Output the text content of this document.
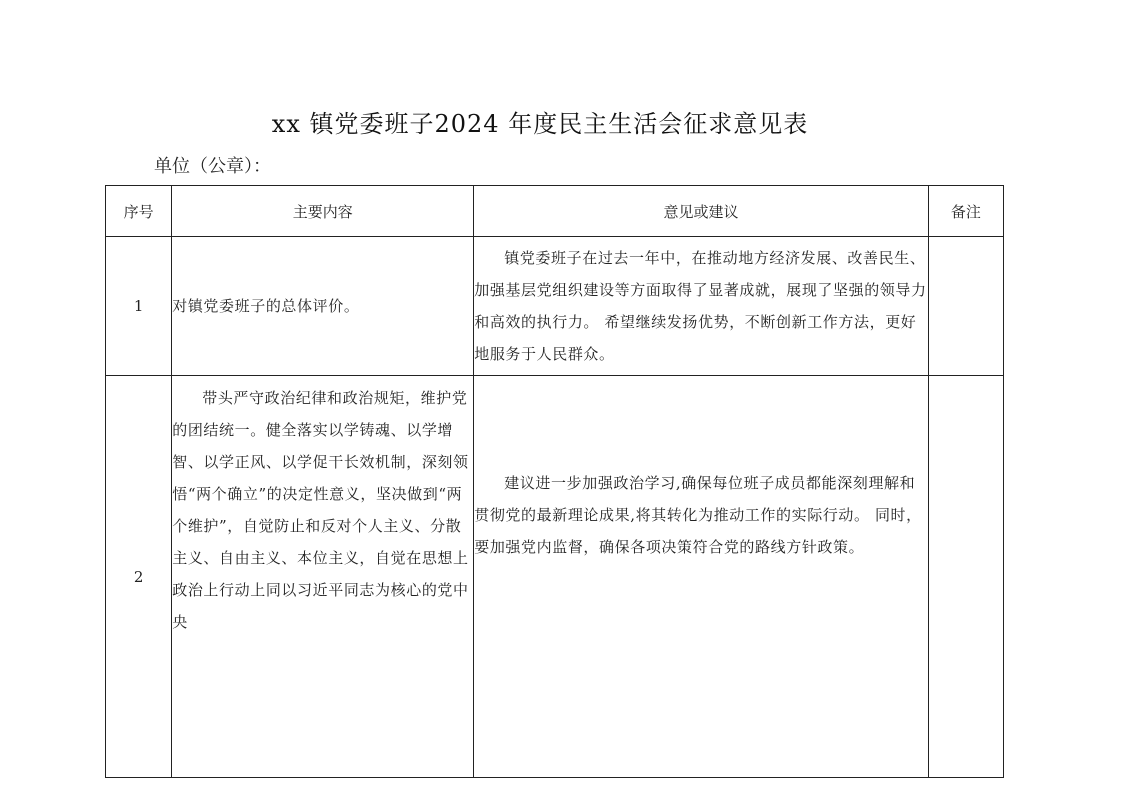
xx 镇党委班子2024 年度民主生活会征求意见表
单位（公章）：
序号	主要内容	意见或建议	备注
1	对镇党委班子的总体评价。	镇党委班子在过去一年中，在推动地方经济发展、改善民生、加强基层党组织建设等方面取得了显著成就，展现了坚强的领导力和高效的执行力。 希望继续发扬优势，不断创新工作方法，更好地服务于人民群众。	
2	带头严守政治纪律和政治规矩，维护党的团结统一。健全落实以学铸魂、以学增智、以学正风、以学促干长效机制，深刻领悟“两个确立”的决定性意义，坚决做到“两个维护”，自觉防止和反对个人主义、分散主义、自由主义、本位主义，自觉在思想上政治上行动上同以习近平同志为核心的党中央	建议进一步加强政治学习,确保每位班子成员都能深刻理解和贯彻党的最新理论成果,将其转化为推动工作的实际行动。 同时，要加强党内监督，确保各项决策符合党的路线方针政策。	
